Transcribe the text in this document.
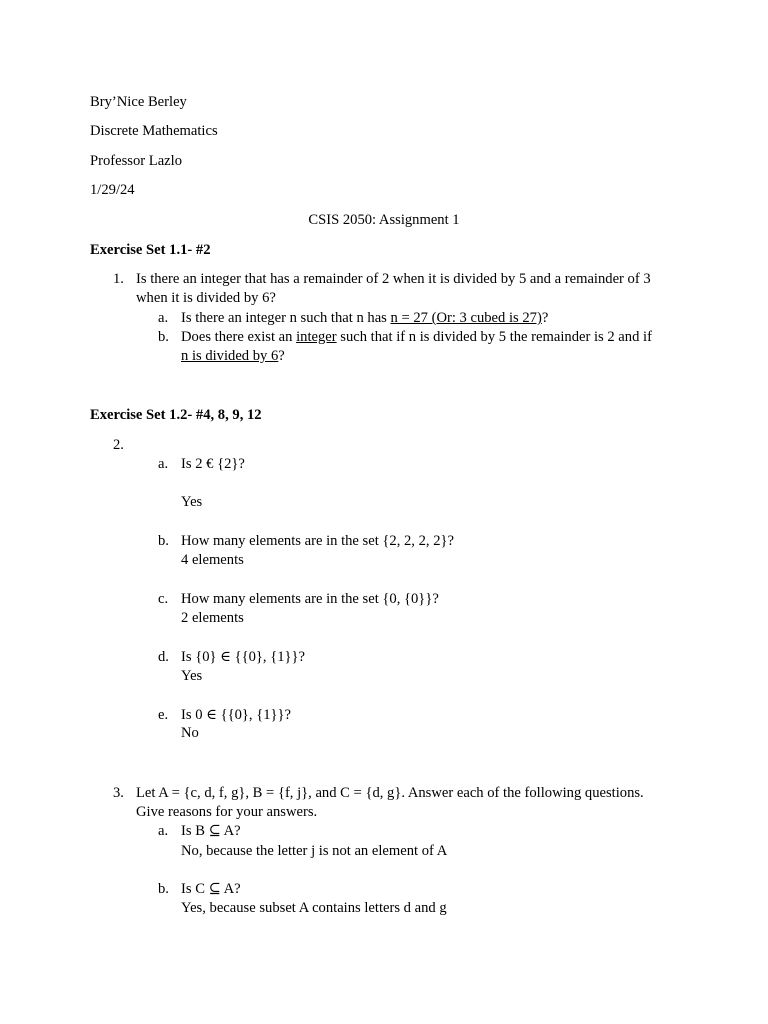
Bry’Nice Berley
Discrete Mathematics
Professor Lazlo
1/29/24
CSIS 2050: Assignment 1
Exercise Set 1.1- #2
1. Is there an integer that has a remainder of 2 when it is divided by 5 and a remainder of 3
when it is divided by 6?
a. Is there an integer n such that n has n = 27 (Or: 3 cubed is 27)?
b. Does there exist an integer such that if n is divided by 5 the remainder is 2 and if
n is divided by 6?
Exercise Set 1.2- #4, 8, 9, 12
2.
a. Is 2 € {2}?
Yes
b. How many elements are in the set {2, 2, 2, 2}?
4 elements
c. How many elements are in the set {0, {0}}?
2 elements
d. Is {0} ∈ {{0}, {1}}?
Yes
e. Is 0 ∈ {{0}, {1}}?
No
3. Let A = {c, d, f, g}, B = {f, j}, and C = {d, g}. Answer each of the following questions.
Give reasons for your answers.
a. Is B ⊆ A?
No, because the letter j is not an element of A
b. Is C ⊆ A?
Yes, because subset A contains letters d and g
